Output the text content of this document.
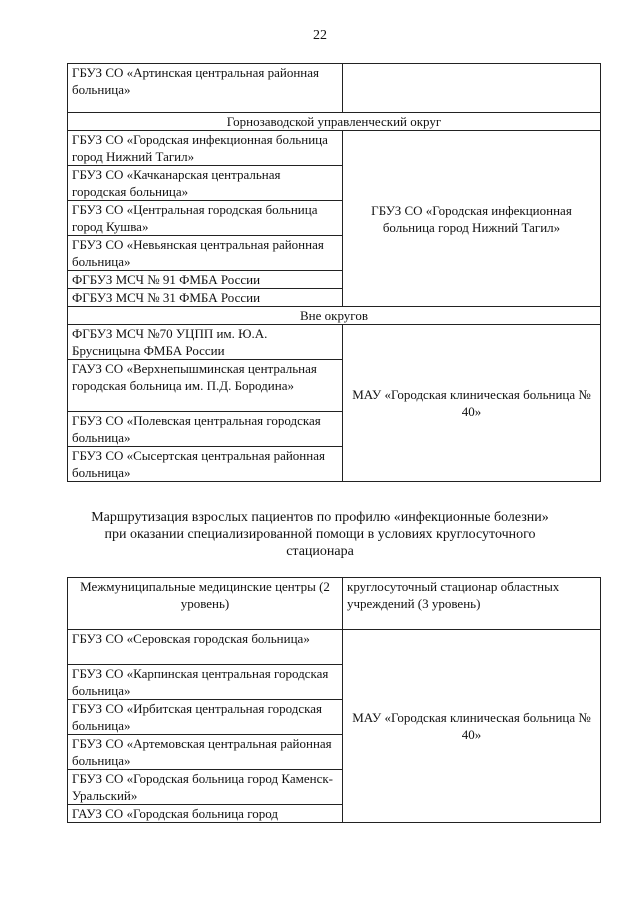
22
ГБУЗ СО «Артинская центральная районная больница»	
Горнозаводской управленческий округ	
ГБУЗ СО «Городская инфекционная больница город Нижний Тагил»	ГБУЗ СО «Городская инфекционная больница город Нижний Тагил»
ГБУЗ СО «Качканарская центральная городская больница»	
ГБУЗ СО «Центральная городская больница город Кушва»	
ГБУЗ СО «Невьянская центральная районная больница»	
ФГБУЗ МСЧ № 91 ФМБА России	
ФГБУЗ МСЧ № 31 ФМБА России	
Вне округов	
ФГБУЗ МСЧ №70 УЦПП им. Ю.А. Брусницына ФМБА России	МАУ «Городская клиническая больница № 40»
ГАУЗ СО «Верхнепышминская центральная городская больница им. П.Д. Бородина»	
ГБУЗ СО «Полевская центральная городская больница»	
ГБУЗ СО «Сысертская центральная районная больница»	
Маршрутизация взрослых пациентов по профилю «инфекционные болезни»
при оказании специализированной помощи в условиях круглосуточного
стационара
Межмуниципальные медицинские центры (2 уровень)	круглосуточный стационар областных учреждений (3 уровень)
ГБУЗ СО «Серовская городская больница»	МАУ «Городская клиническая больница № 40»
ГБУЗ СО «Карпинская центральная городская больница»	
ГБУЗ СО «Ирбитская центральная городская больница»	
ГБУЗ СО «Артемовская центральная районная больница»	
ГБУЗ СО «Городская больница город Каменск-Уральский»	
ГАУЗ СО «Городская больница город	
